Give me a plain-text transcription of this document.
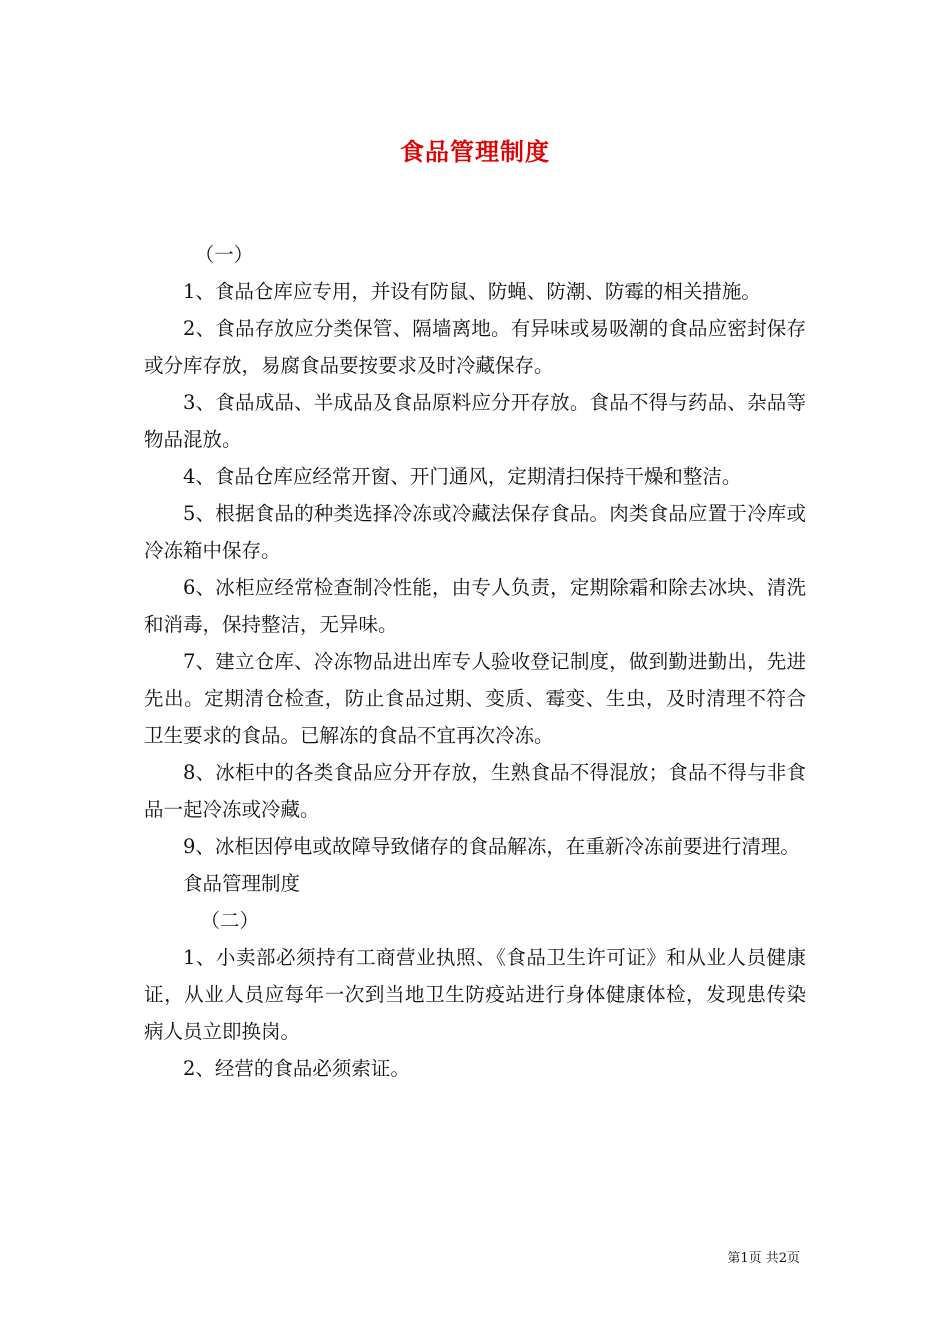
食品管理制度

（一）

1、食品仓库应专用，并设有防鼠、防蝇、防潮、防霉的相关措施。

2、食品存放应分类保管、隔墙离地。有异味或易吸潮的食品应密封保存或分库存放，易腐食品要按要求及时冷藏保存。

3、食品成品、半成品及食品原料应分开存放。食品不得与药品、杂品等物品混放。

4、食品仓库应经常开窗、开门通风，定期清扫保持干燥和整洁。

5、根据食品的种类选择冷冻或冷藏法保存食品。肉类食品应置于冷库或冷冻箱中保存。

6、冰柜应经常检查制冷性能，由专人负责，定期除霜和除去冰块、清洗和消毒，保持整洁，无异味。

7、建立仓库、冷冻物品进出库专人验收登记制度，做到勤进勤出，先进先出。定期清仓检查，防止食品过期、变质、霉变、生虫，及时清理不符合卫生要求的食品。已解冻的食品不宜再次冷冻。

8、冰柜中的各类食品应分开存放，生熟食品不得混放；食品不得与非食品一起冷冻或冷藏。

9、冰柜因停电或故障导致储存的食品解冻，在重新冷冻前要进行清理。

食品管理制度

（二）

1、小卖部必须持有工商营业执照、《食品卫生许可证》和从业人员健康证，从业人员应每年一次到当地卫生防疫站进行身体健康体检，发现患传染病人员立即换岗。

2、经营的食品必须索证。

第1页 共2页
